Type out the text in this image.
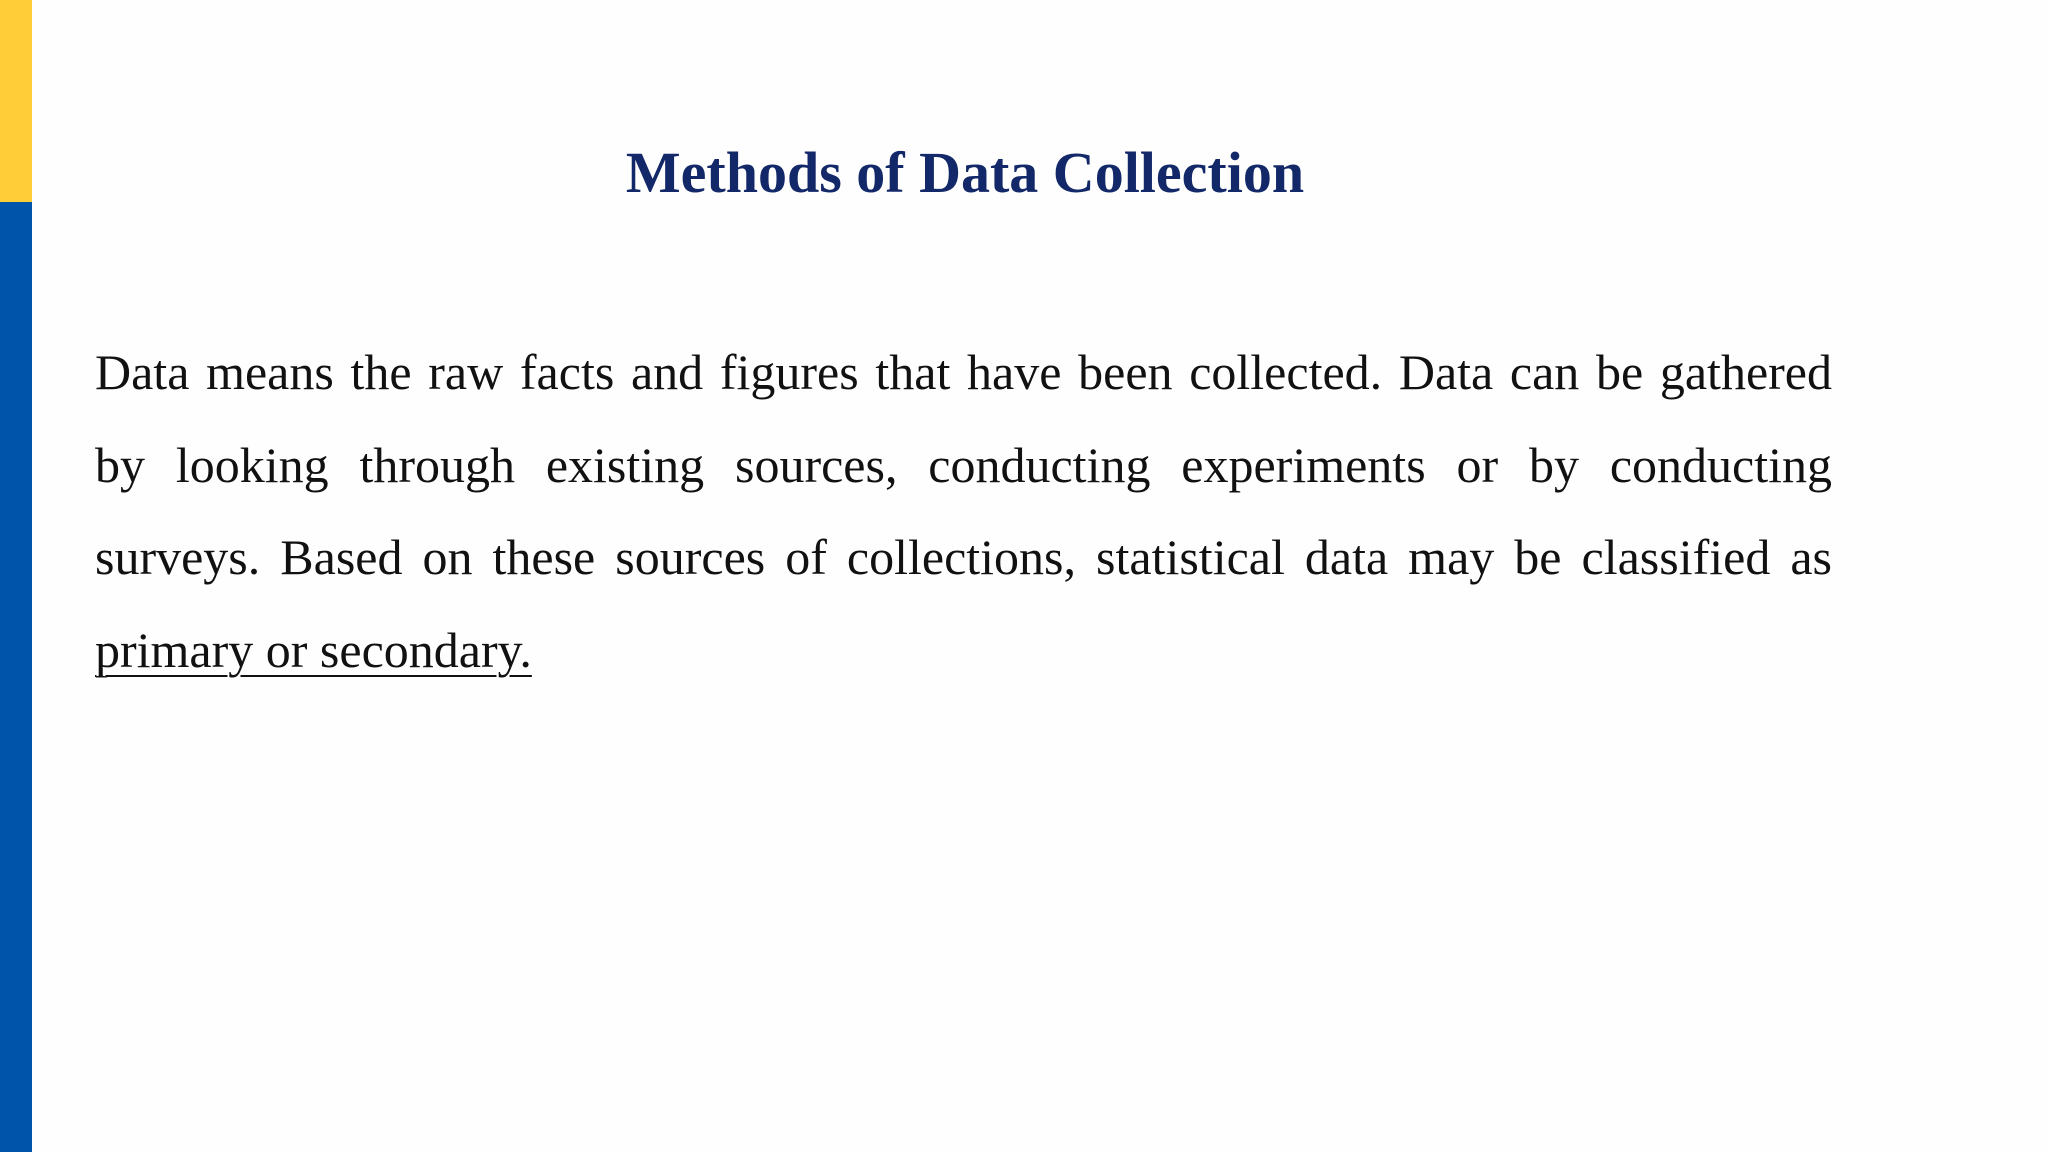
Methods of Data Collection

Data means the raw facts and figures that have been collected. Data can be gathered by looking through existing sources, conducting experiments or by conducting surveys. Based on these sources of collections, statistical data may be classified as primary or secondary.
